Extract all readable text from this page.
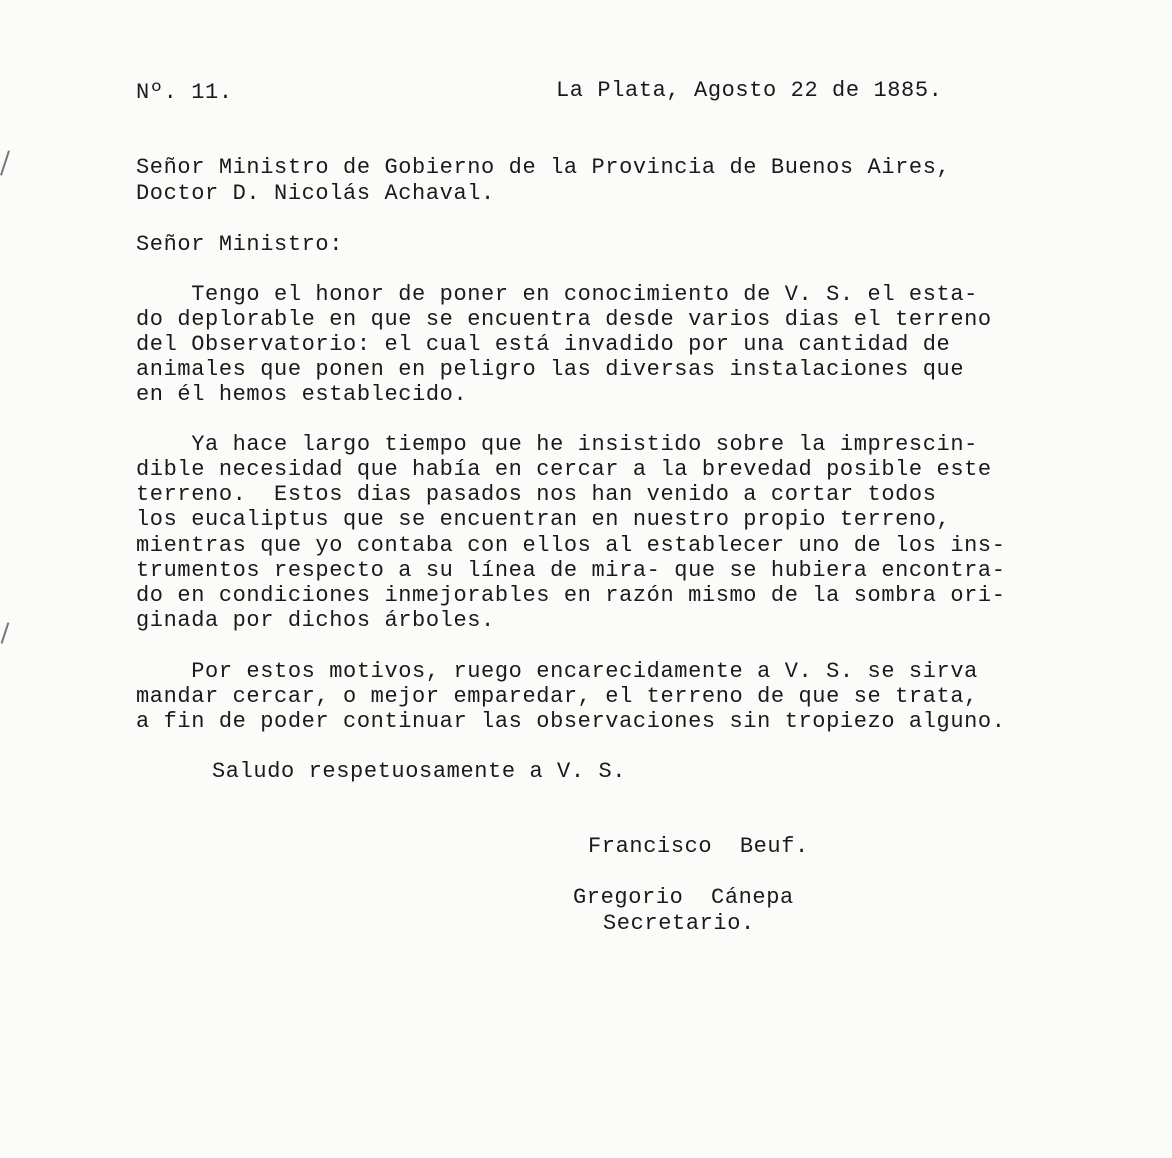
Nº. 11.	La Plata, Agosto 22 de 1885.

Señor Ministro de Gobierno de la Provincia de Buenos Aires,

Doctor D. Nicolás Achaval.

Señor Ministro:

Tengo el honor de poner en conocimiento de V. S. el esta-

do deplorable en que se encuentra desde varios dias el terreno

del Observatorio: el cual está invadido por una cantidad de

animales que ponen en peligro las diversas instalaciones que

en él hemos establecido.

Ya hace largo tiempo que he insistido sobre la imprescin-

dible necesidad que había en cercar a la brevedad posible este

terreno.  Estos dias pasados nos han venido a cortar todos

los eucaliptus que se encuentran en nuestro propio terreno,

mientras que yo contaba con ellos al establecer uno de los ins-

trumentos respecto a su línea de mira- que se hubiera encontra-

do en condiciones inmejorables en razón mismo de la sombra ori-

ginada por dichos árboles.

Por estos motivos, ruego encarecidamente a V. S. se sirva

mandar cercar, o mejor emparedar, el terreno de que se trata,

a fin de poder continuar las observaciones sin tropiezo alguno.

Saludo respetuosamente a V. S.

Francisco  Beuf.

Gregorio  Cánepa

Secretario.
